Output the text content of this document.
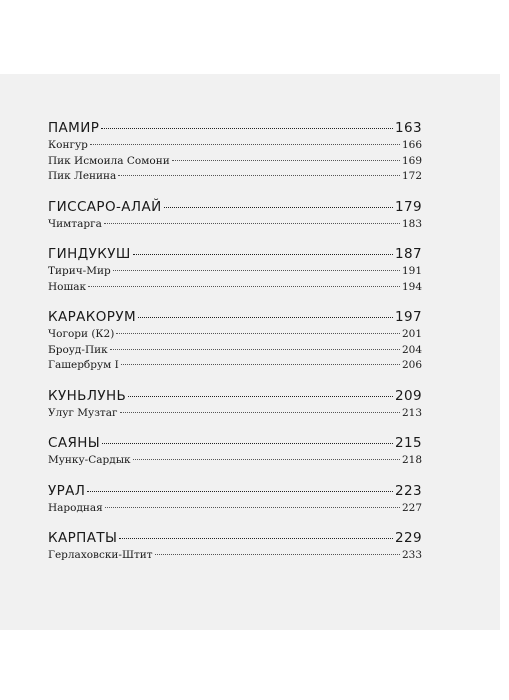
ПАМИР	163
Конгур	166
Пик Исмоила Сомони	169
Пик Ленина	172
ГИССАРО-АЛАЙ	179
Чимтарга	183
ГИНДУКУШ	187
Тирич-Мир	191
Ношак	194
КАРАКОРУМ	197
Чогори (К2)	201
Броуд-Пик	204
Гашербрум I	206
КУНЬЛУНЬ	209
Улуг Музтаг	213
САЯНЫ	215
Мунку-Сардык	218
УРАЛ	223
Народная	227
КАРПАТЫ	229
Герлаховски-Штит	233
